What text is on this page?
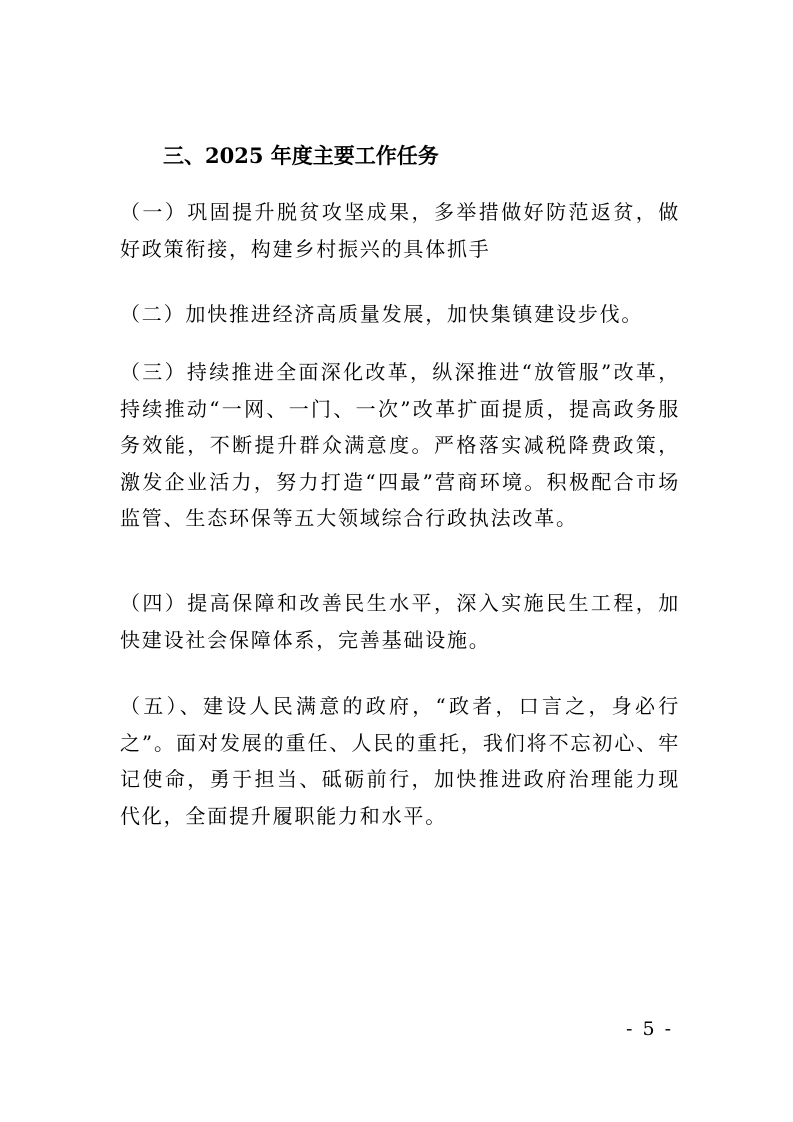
三、2025 年度主要工作任务
（一）巩固提升脱贫攻坚成果，多举措做好防范返贫，做好政策衔接，构建乡村振兴的具体抓手
（二）加快推进经济高质量发展，加快集镇建设步伐。
（三）持续推进全面深化改革，纵深推进“放管服”改革，持续推动“一网、一门、一次”改革扩面提质，提高政务服务效能，不断提升群众满意度。严格落实减税降费政策，激发企业活力，努力打造“四最”营商环境。积极配合市场监管、生态环保等五大领域综合行政执法改革。
（四）提高保障和改善民生水平，深入实施民生工程，加快建设社会保障体系，完善基础设施。
（五）、建设人民满意的政府，“政者，口言之，身必行之”。面对发展的重任、人民的重托，我们将不忘初心、牢记使命，勇于担当、砥砺前行，加快推进政府治理能力现代化，全面提升履职能力和水平。
- 5 -
